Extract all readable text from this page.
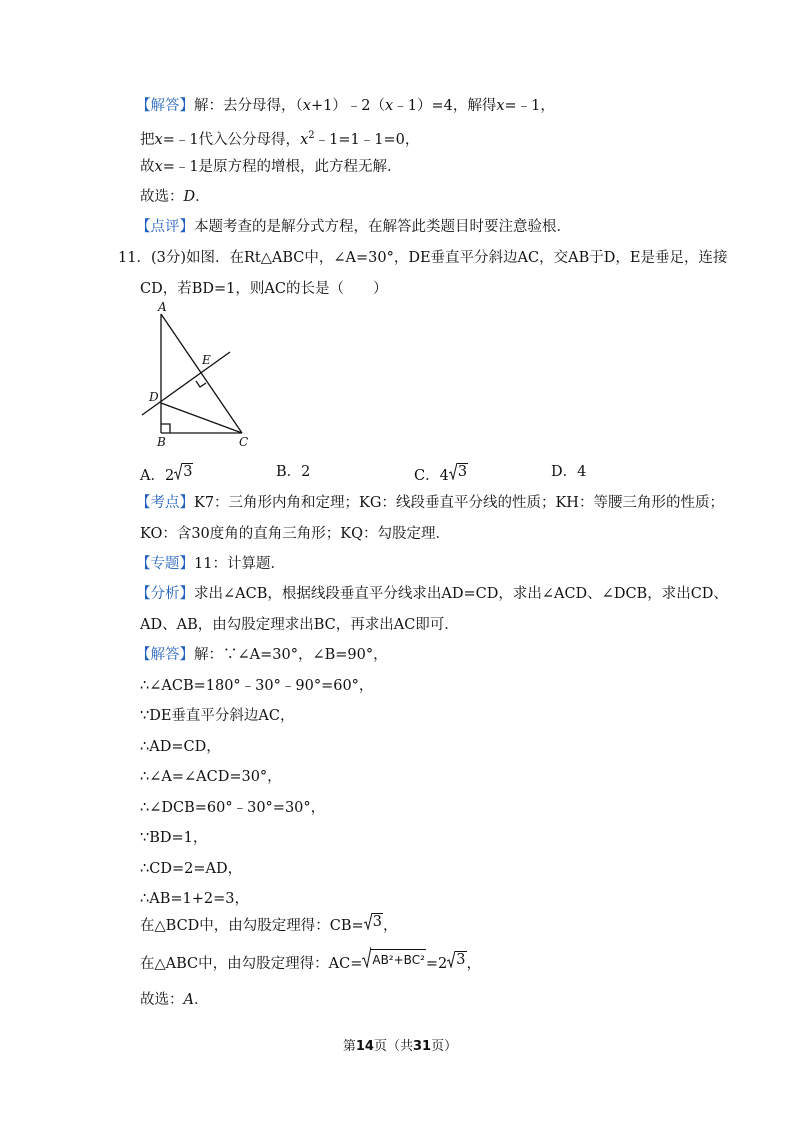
【解答】解：去分母得，（x+1）﹣2（x﹣1）=4，解得x=﹣1，
把x=﹣1代入公分母得，$x^2﹣1=1﹣1=0$，
故x=﹣1是原方程的增根，此方程无解．
故选：D．
【点评】本题考查的是解分式方程，在解答此类题目时要注意验根．
11．(3分)如图．在Rt△ABC中，∠A=30°，DE垂直平分斜边AC，交AB于D，E是垂足，连接
CD，若BD=1，则AC的长是（　　）
A
E
D
B	C
A．2 3	B．2	C．4 3	D．4
【考点】K7：三角形内角和定理；KG：线段垂直平分线的性质；KH：等腰三角形的性质；
KO：含30度角的直角三角形；KQ：勾股定理．
【专题】11：计算题．
【分析】求出∠ACB，根据线段垂直平分线求出AD=CD，求出∠ACD、∠DCB，求出CD、
AD、AB，由勾股定理求出BC，再求出AC即可．
【解答】解：∵∠A=30°，∠B=90°，
∴∠ACB=180°﹣30°﹣90°=60°，
∵DE垂直平分斜边AC，
∴AD=CD，
∴∠A=∠ACD=30°，
∴∠DCB=60°﹣30°=30°，
∵BD=1，
∴CD=2=AD，
∴AB=1+2=3，
在△BCD中，由勾股定理得：CB= 3 ，
在△ABC中，由勾股定理得：AC= AB²+BC² =2 3 ，
故选：A．
第14页（共31页）
